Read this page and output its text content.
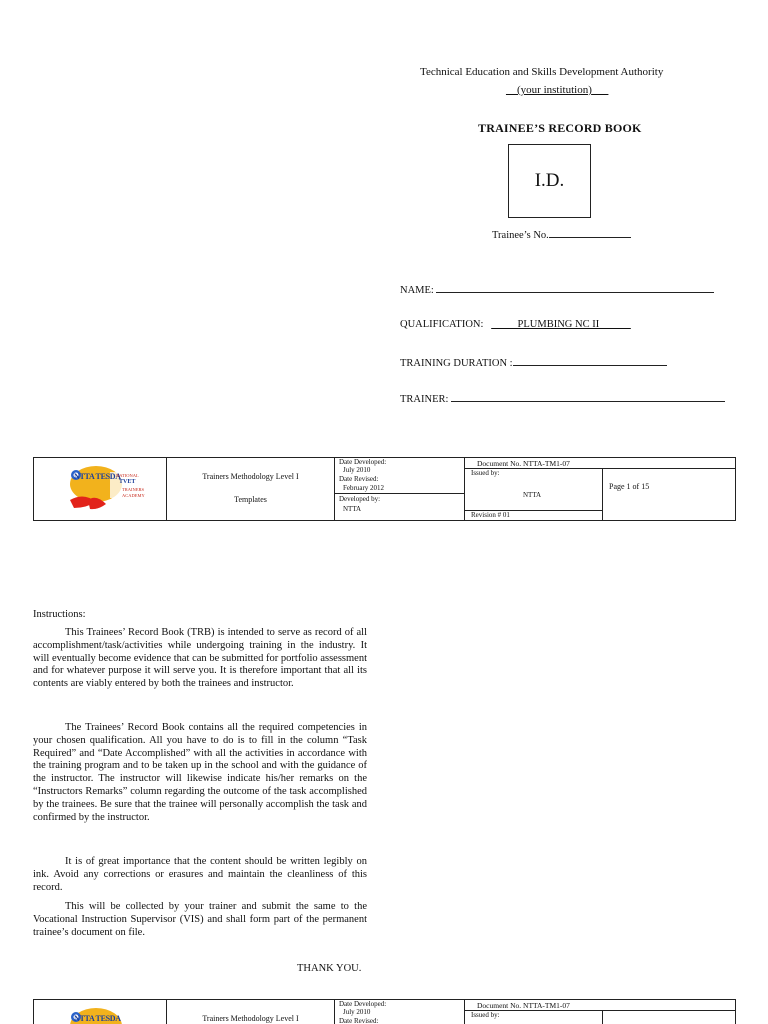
Technical Education and Skills Development Authority
__(your institution)___
TRAINEE’S RECORD BOOK
I.D.
Trainee’s No.
NAME:
QUALIFICATION: _____PLUMBING NC II______
TRAINING DURATION :
TRAINER:
NTTA TESDA
NATIONAL
TVET
TRAINERS
ACADEMY
Trainers Methodology Level I
Templates
Date Developed:
July 2010
Date Revised:
February 2012
Developed by:
NTTA
Document No. NTTA-TM1-07
Issued by:
NTTA
Page 1 of 15
Revision # 01
Instructions:

This Trainees’ Record Book (TRB) is intended to serve as record of all accomplishment/task/activities while undergoing training in the industry. It will eventually become evidence that can be submitted for portfolio assessment and for whatever purpose it will serve you. It is therefore important that all its contents are viably entered by both the trainees and instructor.

The Trainees’ Record Book contains all the required competencies in your chosen qualification. All you have to do is to fill in the column “Task Required” and “Date Accomplished” with all the activities in accordance with the training program and to be taken up in the school and with the guidance of the instructor. The instructor will likewise indicate his/her remarks on the “Instructors Remarks” column regarding the outcome of the task accomplished by the trainees. Be sure that the trainee will personally accomplish the task and confirmed by the instructor.

It is of great importance that the content should be written legibly on ink. Avoid any corrections or erasures and maintain the cleanliness of this record.

This will be collected by your trainer and submit the same to the Vocational Instruction Supervisor (VIS) and shall form part of the permanent trainee’s document on file.

THANK YOU.
NTTA TESDA	Trainers Methodology Level I
Date Developed:
July 2010
Date Revised:
Document No. NTTA-TM1-07
Issued by:
